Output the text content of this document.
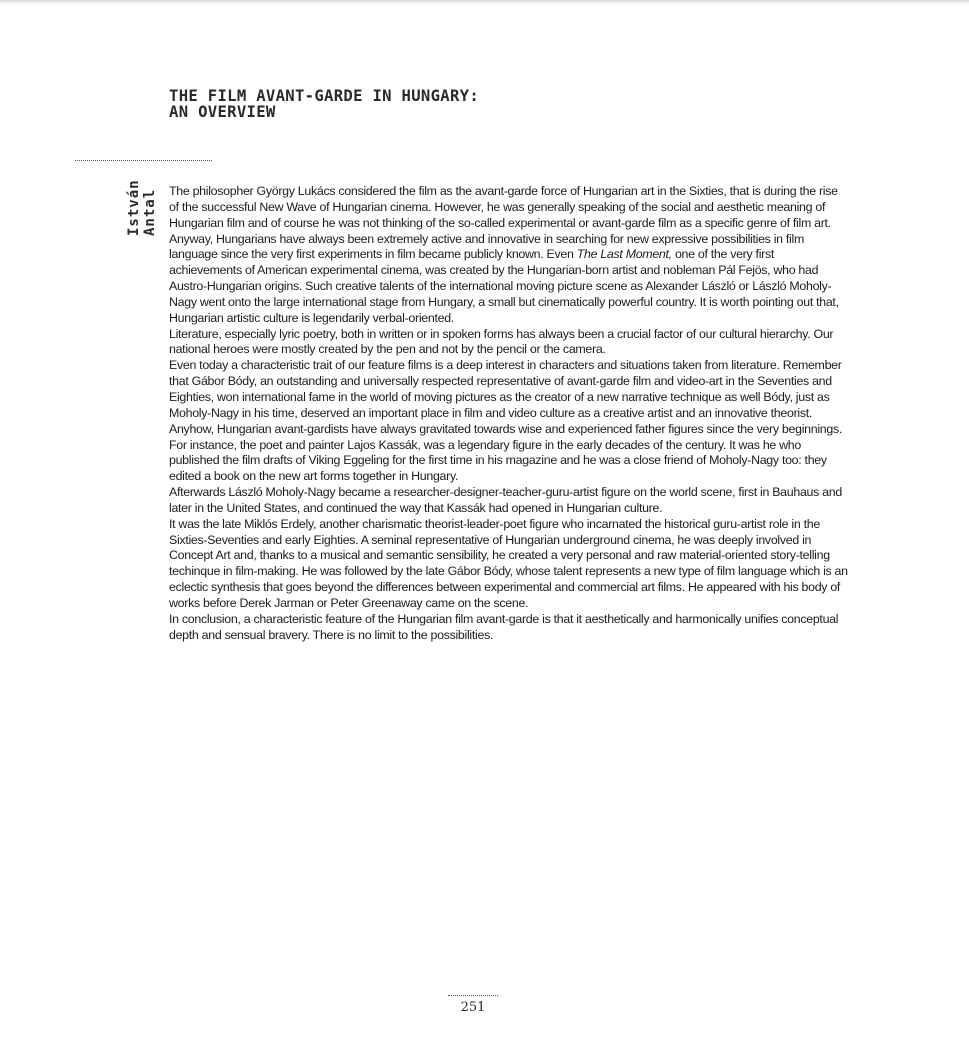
THE FILM AVANT-GARDE IN HUNGARY:
AN OVERVIEW
István Antal The philosopher György Lukács considered the film as the avant-garde force of Hungarian art in the Sixties, that is during the rise of the successful New Wave of Hungarian cinema. However, he was generally speaking of the social and aesthetic meaning of Hungarian film and of course he was not thinking of the so-called experimental or avant-garde film as a specific genre of film art. Anyway, Hungarians have always been extremely active and innovative in searching for new expressive possibilities in film language since the very first experiments in film became publicly known. Even The Last Moment, one of the very first achievements of American experimental cinema, was created by the Hungarian-born artist and nobleman Pál Fejös, who had Austro-Hungarian origins. Such creative talents of the international moving picture scene as Alexander László or László Moholy-Nagy went onto the large international stage from Hungary, a small but cinematically powerful country. It is worth pointing out that, Hungarian artistic culture is legendarily verbal-oriented.

Literature, especially lyric poetry, both in written or in spoken forms has always been a crucial factor of our cultural hierarchy. Our national heroes were mostly created by the pen and not by the pencil or the camera.

Even today a characteristic trait of our feature films is a deep interest in characters and situations taken from literature. Remember that Gábor Bódy, an outstanding and universally respected representative of avant-garde film and video-art in the Seventies and Eighties, won international fame in the world of moving pictures as the creator of a new narrative technique as well Bódy, just as Moholy-Nagy in his time, deserved an important place in film and video culture as a creative artist and an innovative theorist. Anyhow, Hungarian avant-gardists have always gravitated towards wise and experienced father figures since the very beginnings. For instance, the poet and painter Lajos Kassák, was a legendary figure in the early decades of the century. It was he who published the film drafts of Viking Eggeling for the first time in his magazine and he was a close friend of Moholy-Nagy too: they edited a book on the new art forms together in Hungary.

Afterwards László Moholy-Nagy became a researcher-designer-teacher-guru-artist figure on the world scene, first in Bauhaus and later in the United States, and continued the way that Kassák had opened in Hungarian culture.

It was the late Miklós Erdely, another charismatic theorist-leader-poet figure who incarnated the historical guru-artist role in the Sixties-Seventies and early Eighties. A seminal representative of Hungarian underground cinema, he was deeply involved in Concept Art and, thanks to a musical and semantic sensibility, he created a very personal and raw material-oriented story-telling techinque in film-making. He was followed by the late Gábor Bódy, whose talent represents a new type of film language which is an eclectic synthesis that goes beyond the differences between experimental and commercial art films. He appeared with his body of works before Derek Jarman or Peter Greenaway came on the scene.

In conclusion, a characteristic feature of the Hungarian film avant-garde is that it aesthetically and harmonically unifies conceptual depth and sensual bravery. There is no limit to the possibilities.

251
